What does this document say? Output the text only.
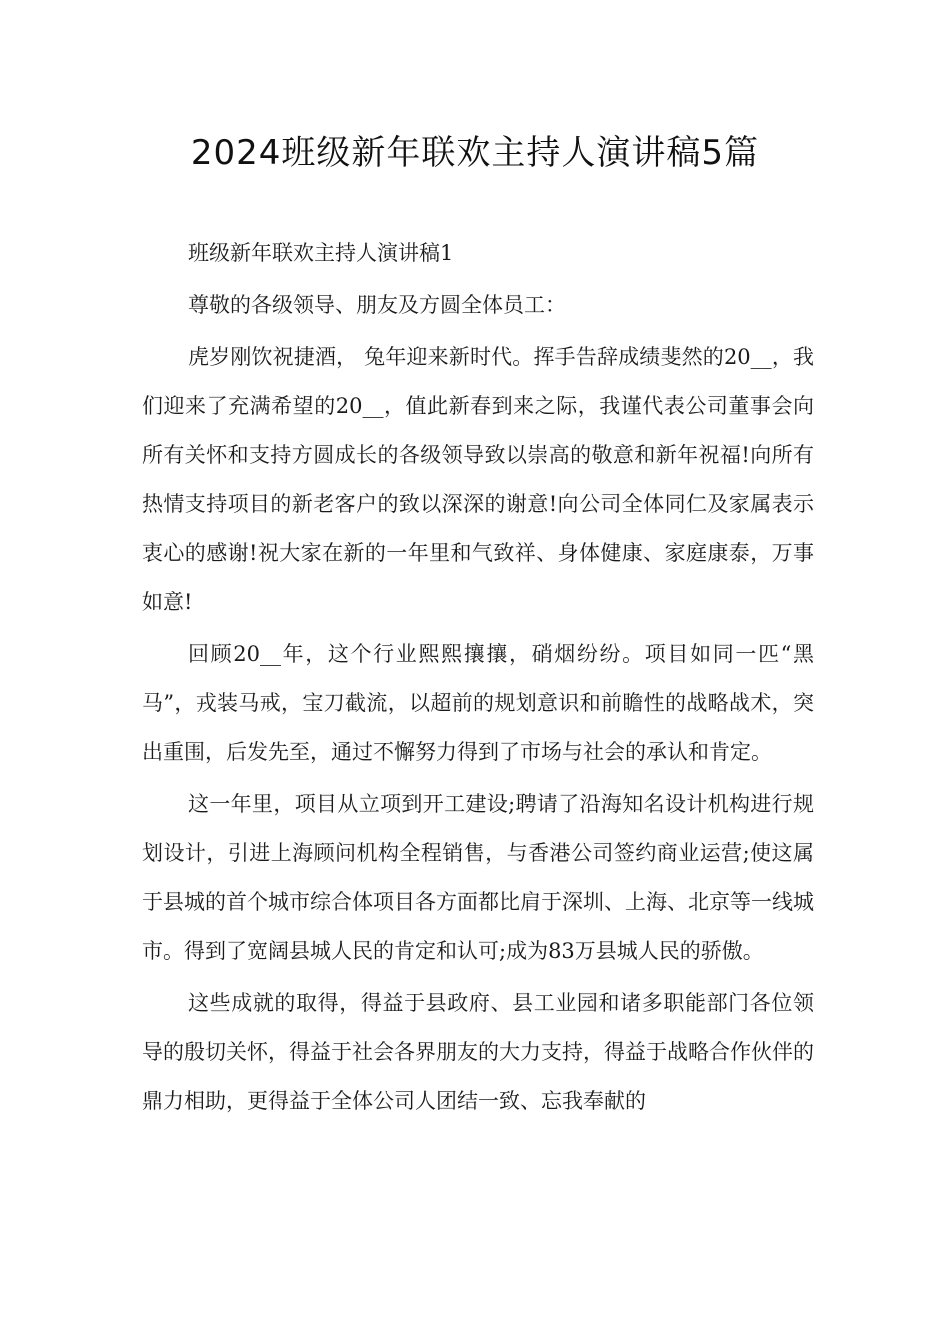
2024班级新年联欢主持人演讲稿5篇

班级新年联欢主持人演讲稿1

尊敬的各级领导、朋友及方圆全体员工：

虎岁刚饮祝捷酒， 兔年迎来新时代。挥手告辞成绩斐然的20__，我们迎来了充满希望的20__，值此新春到来之际，我谨代表公司董事会向所有关怀和支持方圆成长的各级领导致以崇高的敬意和新年祝福!向所有热情支持项目的新老客户的致以深深的谢意!向公司全体同仁及家属表示衷心的感谢!祝大家在新的一年里和气致祥、身体健康、家庭康泰，万事如意!

回顾20__年，这个行业熙熙攘攘，硝烟纷纷。项目如同一匹“黑马”，戎装马戒，宝刀截流，以超前的规划意识和前瞻性的战略战术，突出重围，后发先至，通过不懈努力得到了市场与社会的承认和肯定。

这一年里，项目从立项到开工建设;聘请了沿海知名设计机构进行规划设计，引进上海顾问机构全程销售，与香港公司签约商业运营;使这属于县城的首个城市综合体项目各方面都比肩于深圳、上海、北京等一线城市。得到了宽阔县城人民的肯定和认可;成为83万县城人民的骄傲。

这些成就的取得，得益于县政府、县工业园和诸多职能部门各位领导的殷切关怀，得益于社会各界朋友的大力支持，得益于战略合作伙伴的鼎力相助，更得益于全体公司人团结一致、忘我奉献的
